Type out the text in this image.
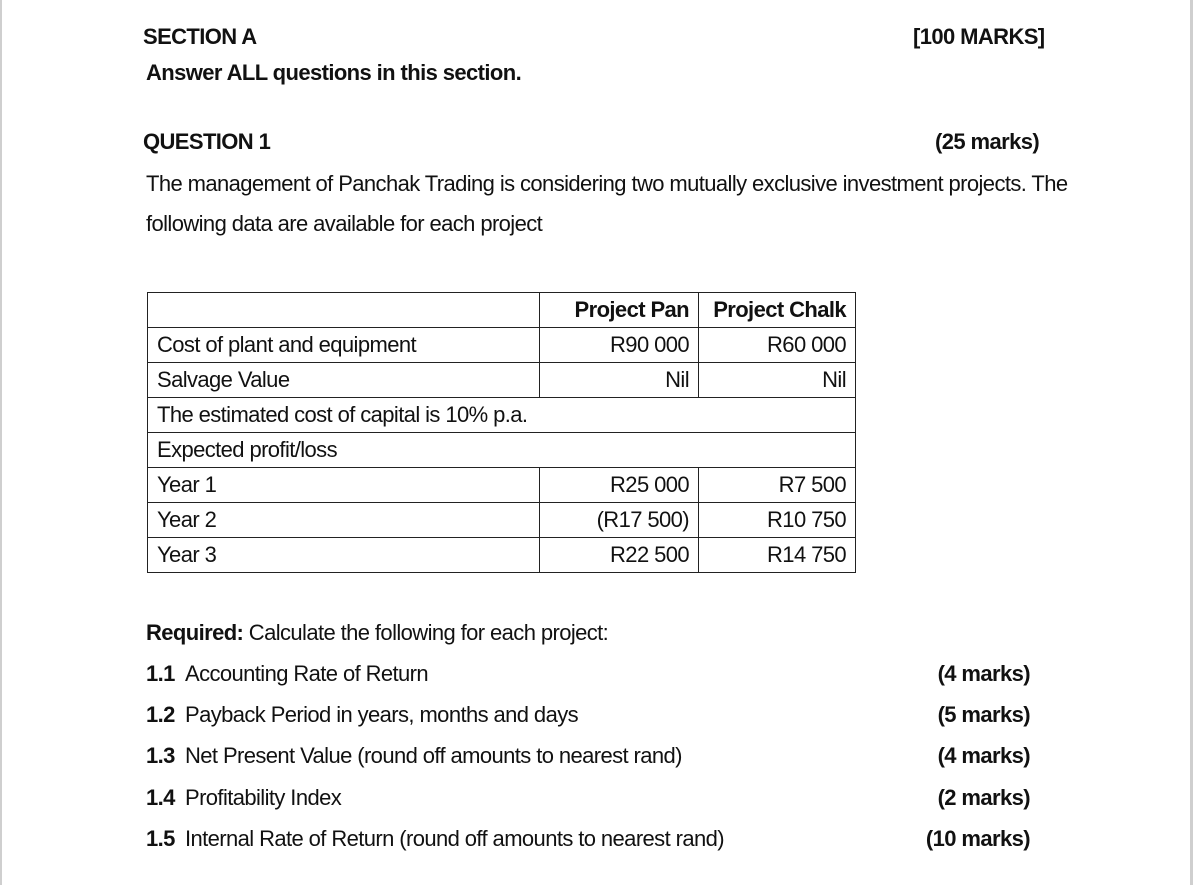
SECTION A	[100 MARKS]
Answer ALL questions in this section.
QUESTION 1	(25 marks)
The management of Panchak Trading is considering two mutually exclusive investment projects. The
following data are available for each project
	Project Pan	Project Chalk
Cost of plant and equipment	R90 000	R60 000
Salvage Value	Nil	Nil
The estimated cost of capital is 10% p.a.		
Expected profit/loss		
Year 1	R25 000	R7 500
Year 2	(R17 500)	R10 750
Year 3	R22 500	R14 750
Required: Calculate the following for each project:
1.1 Accounting Rate of Return	(4 marks)
1.2 Payback Period in years, months and days	(5 marks)
1.3 Net Present Value (round off amounts to nearest rand)	(4 marks)
1.4 Profitability Index	(2 marks)
1.5 Internal Rate of Return (round off amounts to nearest rand)	(10 marks)
